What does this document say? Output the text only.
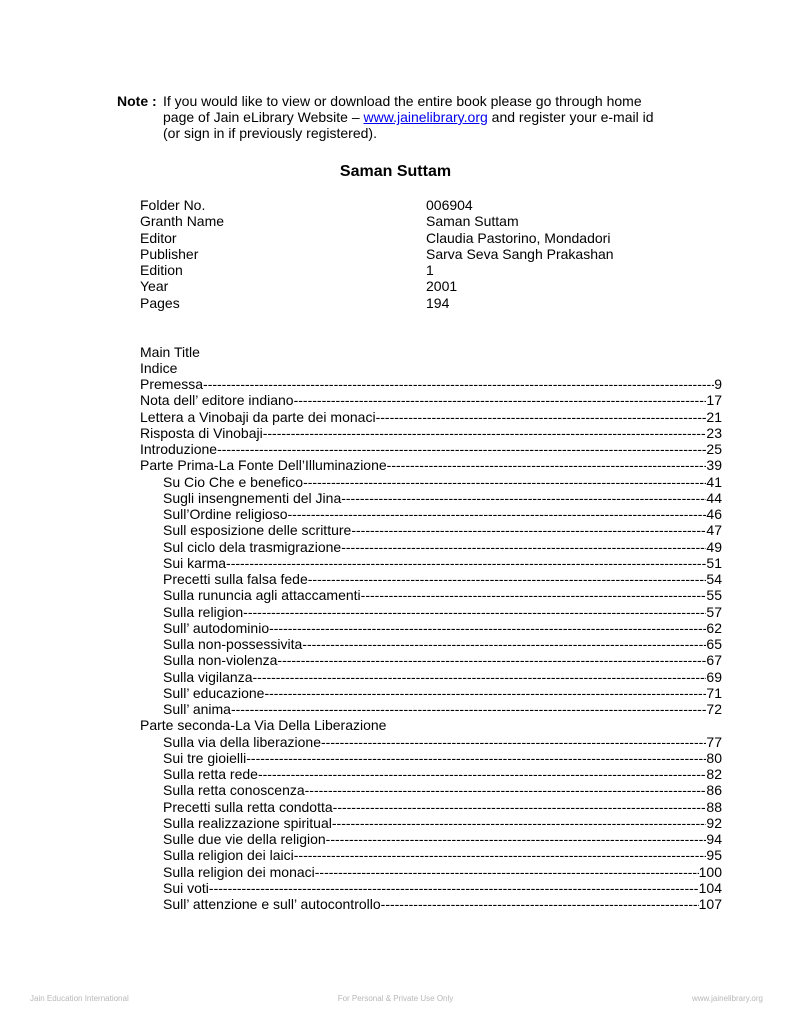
Note : If you would like to view or download the entire book please go through home
page of Jain eLibrary Website – www.jainelibrary.org and register your e-mail id
(or sign in if previously registered).
Saman Suttam
Folder No.	006904
Granth Name	Saman Suttam
Editor	Claudia Pastorino, Mondadori
Publisher	Sarva Seva Sangh Prakashan
Edition	1
Year	2001
Pages	194
Main Title
Indice
Premessa -----	9
Nota dell’ editore indiano -----	17
Lettera a Vinobaji da parte dei monaci -----	21
Risposta di Vinobaji -----	23
Introduzione -----	25
Parte Prima-La Fonte Dell’Illuminazione -----	39
Su Cio Che e benefico -----	41
Sugli insengnementi del Jina -----	44
Sull’Ordine religioso -----	46
Sull esposizione delle scritture -----	47
Sul ciclo dela trasmigrazione -----	49
Sui karma -----	51
Precetti sulla falsa fede -----	54
Sulla rununcia agli attaccamenti -----	55
Sulla religion -----	57
Sull’ autodominio -----	62
Sulla non-possessivita -----	65
Sulla non-violenza -----	67
Sulla vigilanza -----	69
Sull’ educazione -----	71
Sull’ anima -----	72
Parte seconda-La Via Della Liberazione
Sulla via della liberazione -----	77
Sui tre gioielli -----	80
Sulla retta rede -----	82
Sulla retta conoscenza -----	86
Precetti sulla retta condotta -----	88
Sulla realizzazione spiritual -----	92
Sulle due vie della religion -----	94
Sulla religion dei laici -----	95
Sulla religion dei monaci -----	100
Sui voti -----	104
Sull’ attenzione e sull’ autocontrollo -----	107
Jain Education International	For Personal & Private Use Only	www.jainelibrary.org
